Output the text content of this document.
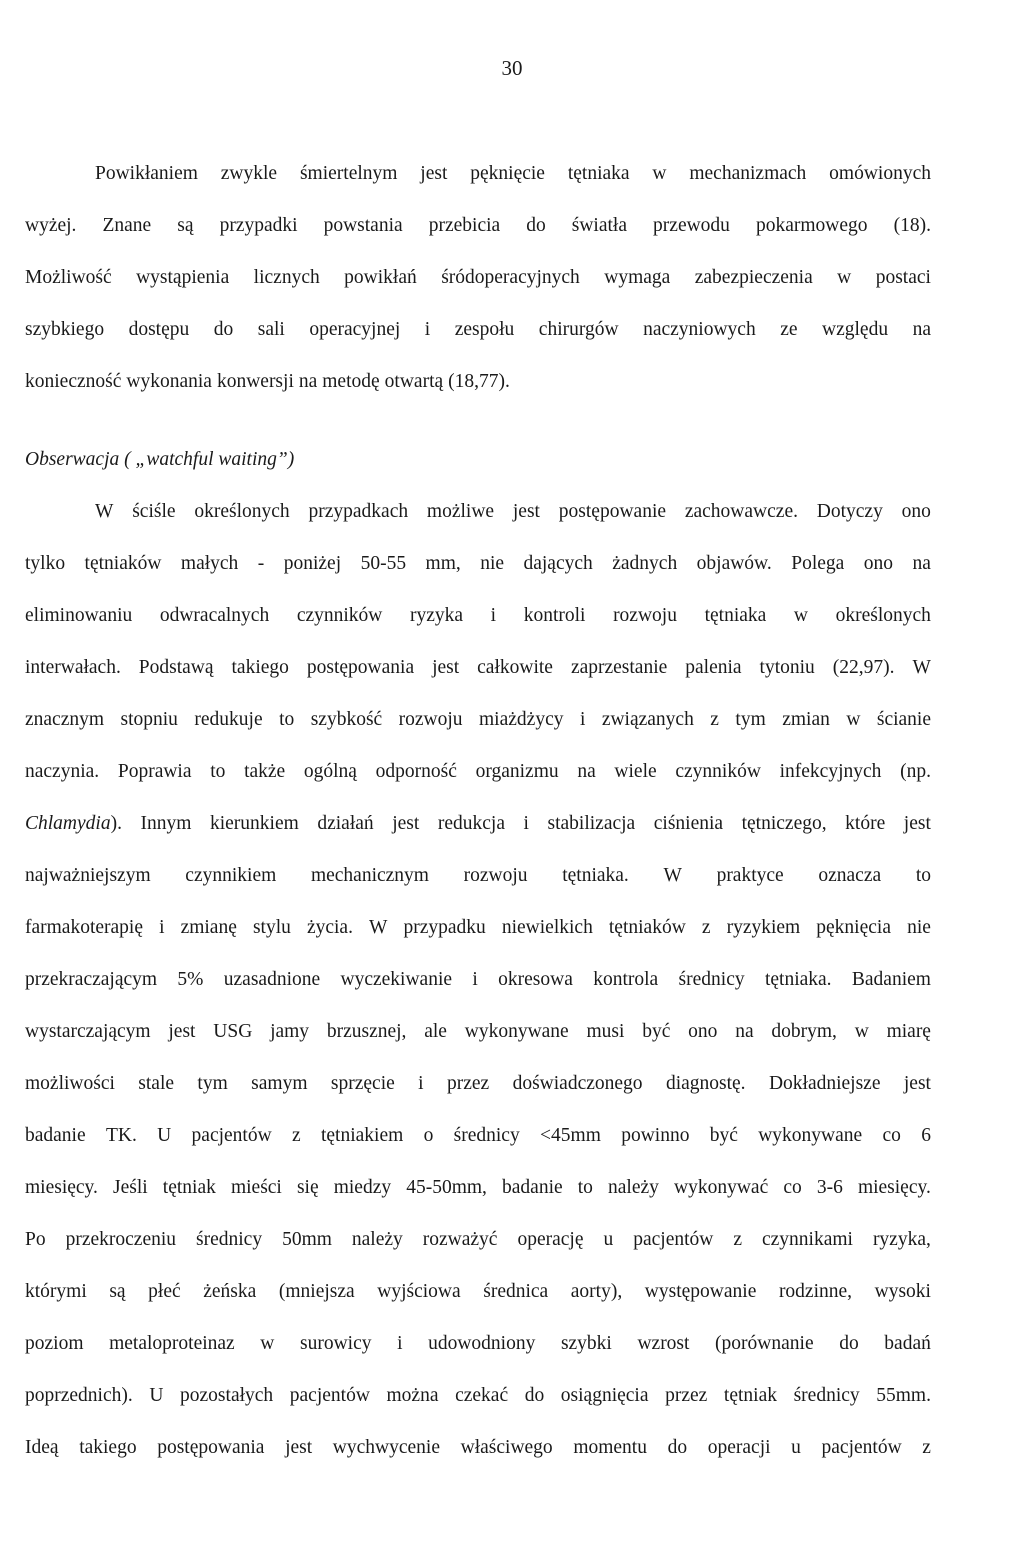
30
Powikłaniem zwykle śmiertelnym jest pęknięcie tętniaka w mechanizmach omówionych
wyżej. Znane są przypadki powstania przebicia do światła przewodu pokarmowego (18).
Możliwość wystąpienia licznych powikłań śródoperacyjnych wymaga zabezpieczenia w postaci
szybkiego dostępu do sali operacyjnej i zespołu chirurgów naczyniowych ze względu na
konieczność wykonania konwersji na metodę otwartą (18,77).
Obserwacja ( „watchful waiting”)
W ściśle określonych przypadkach możliwe jest postępowanie zachowawcze. Dotyczy ono
tylko tętniaków małych - poniżej 50-55 mm, nie dających żadnych objawów. Polega ono na
eliminowaniu odwracalnych czynników ryzyka i kontroli rozwoju tętniaka w określonych
interwałach. Podstawą takiego postępowania jest całkowite zaprzestanie palenia tytoniu (22,97). W
znacznym stopniu redukuje to szybkość rozwoju miażdżycy i związanych z tym zmian w ścianie
naczynia. Poprawia to także ogólną odporność organizmu na wiele czynników infekcyjnych (np.
Chlamydia). Innym kierunkiem działań jest redukcja i stabilizacja ciśnienia tętniczego, które jest
najważniejszym czynnikiem mechanicznym rozwoju tętniaka. W praktyce oznacza to
farmakoterapię i zmianę stylu życia. W przypadku niewielkich tętniaków z ryzykiem pęknięcia nie
przekraczającym 5% uzasadnione wyczekiwanie i okresowa kontrola średnicy tętniaka. Badaniem
wystarczającym jest USG jamy brzusznej, ale wykonywane musi być ono na dobrym, w miarę
możliwości stale tym samym sprzęcie i przez doświadczonego diagnostę. Dokładniejsze jest
badanie TK. U pacjentów z tętniakiem o średnicy <45mm powinno być wykonywane co 6
miesięcy. Jeśli tętniak mieści się miedzy 45-50mm, badanie to należy wykonywać co 3-6 miesięcy.
Po przekroczeniu średnicy 50mm należy rozważyć operację u pacjentów z czynnikami ryzyka,
którymi są płeć żeńska (mniejsza wyjściowa średnica aorty), występowanie rodzinne, wysoki
poziom metaloproteinaz w surowicy i udowodniony szybki wzrost (porównanie do badań
poprzednich). U pozostałych pacjentów można czekać do osiągnięcia przez tętniak średnicy 55mm.
Ideą takiego postępowania jest wychwycenie właściwego momentu do operacji u pacjentów z
